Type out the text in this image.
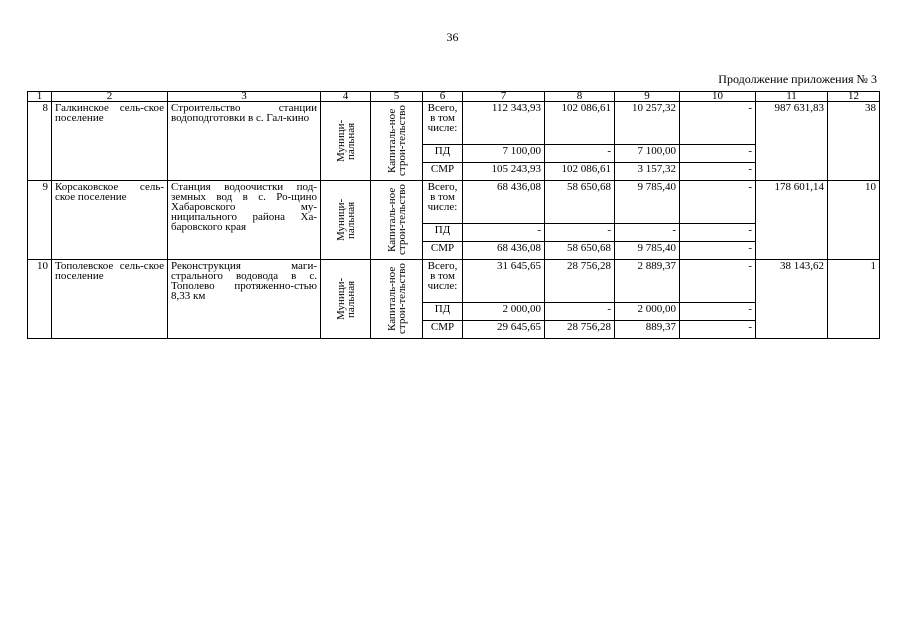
36
Продолжение приложения № 3
1	2	3	4	5	6	7	8	9	10	11	12
8	Галкинское сель-ское поселение	Строительство станции водоподготовки в с. Гал-кино	Муници-пальная	Капиталь-ное строи-тельство	Всего, в том числе:	112 343,93	102 086,61	10 257,32	-	987 631,83	38
					ПД	7 100,00	-	7 100,00	-		
					СМР	105 243,93	102 086,61	3 157,32	-		
9	Корсаковское сель-ское поселение	Станция водоочистки под-земных вод в с. Ро-щино Хабаровского му-ниципального района Ха-баровского края	Муници-пальная	Капиталь-ное строи-тельство	Всего, в том числе:	68 436,08	58 650,68	9 785,40	-	178 601,14	10
					ПД	-	-	-	-		
					СМР	68 436,08	58 650,68	9 785,40	-		
10	Тополевское сель-ское поселение	Реконструкция маги-стрального водовода в с. Тополево протяженно-стью 8,33 км	Муници-пальная	Капиталь-ное строи-тельство	Всего, в том числе:	31 645,65	28 756,28	2 889,37	-	38 143,62	1
					ПД	2 000,00	-	2 000,00	-		
					СМР	29 645,65	28 756,28	889,37	-		
